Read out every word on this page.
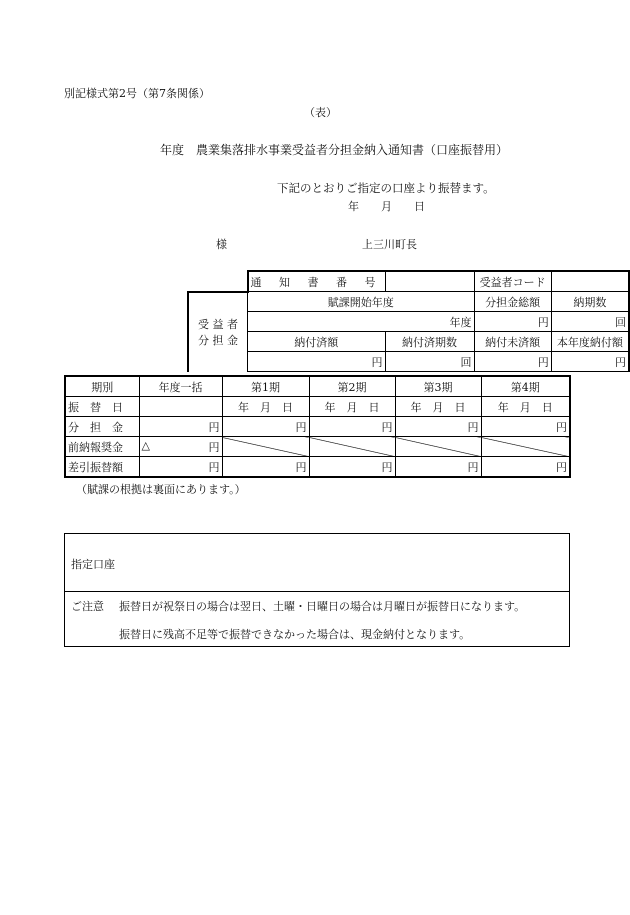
別記様式第2号（第7条関係）
（表）
年度　農業集落排水事業受益者分担金納入通知書（口座振替用）
下記のとおりご指定の口座より振替ます。
年　　月　　日
様	上三川町長
	通 知 書 番 号		受益者コード	

受 益 者
分 担 金	賦課開始年度		分担金総額	納期数
	年度		円	回
	納付済額	納付済期数	納付未済額	本年度納付額
	円	回	円	円
期別	年度一括	第1期	第2期	第3期	第4期
振　替　日		年　月　日	年　月　日	年　月　日	年　月　日
分　担　金	円	円	円	円	円
前納報奨金	△ 円				

差引振替額	円	円	円	円	円
（賦課の根拠は裏面にあります。）
指定口座
ご注意 振替日が祝祭日の場合は翌日、土曜・日曜日の場合は月曜日が振替日になります。
振替日に残高不足等で振替できなかった場合は、現金納付となります。
